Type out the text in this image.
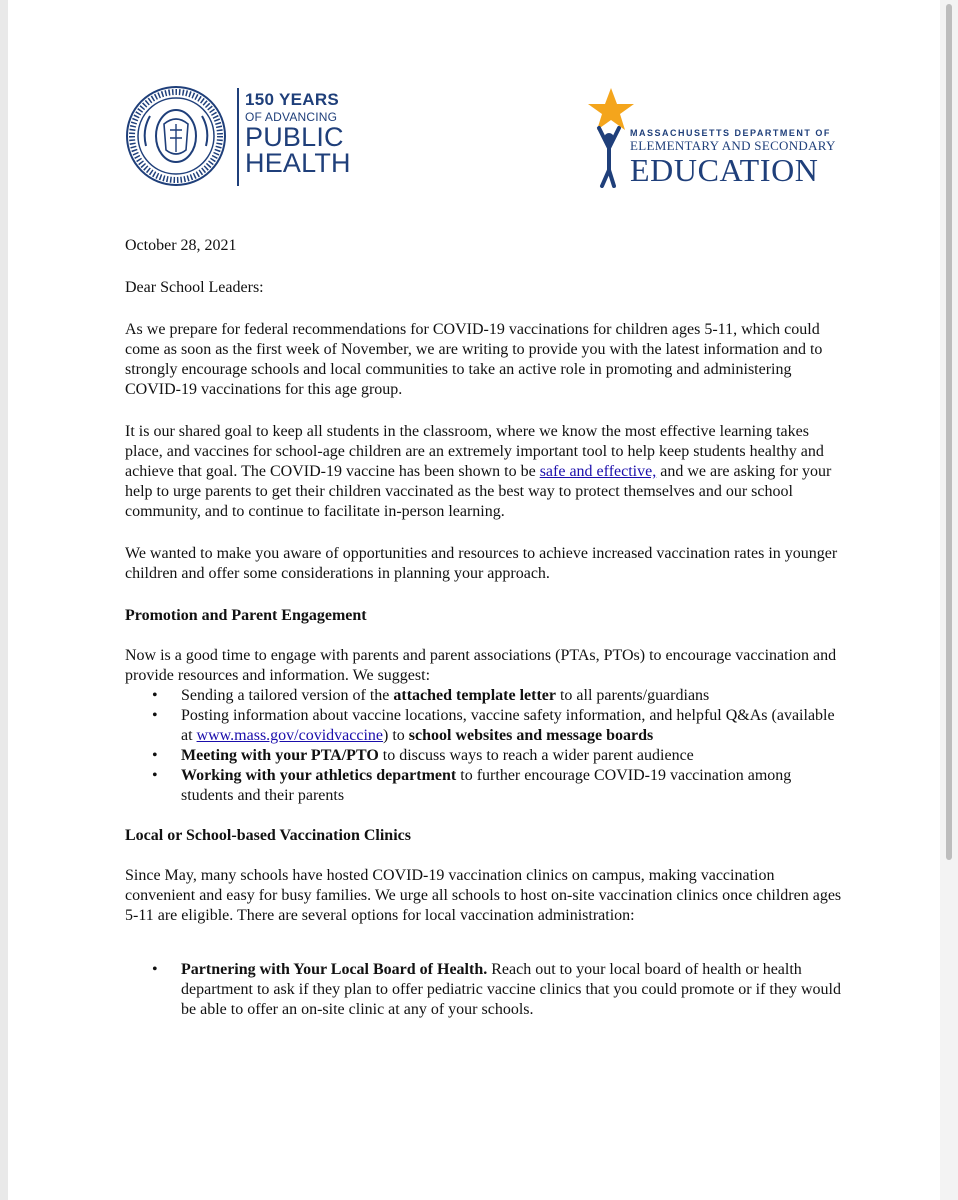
150 YEARS
OF ADVANCING
PUBLIC
HEALTH
MASSACHUSETTS DEPARTMENT OF
ELEMENTARY AND SECONDARY
EDUCATION

October 28, 2021

Dear School Leaders:

As we prepare for federal recommendations for COVID-19 vaccinations for children ages 5-11, which could come as soon as the first week of November, we are writing to provide you with the latest information and to strongly encourage schools and local communities to take an active role in promoting and administering COVID-19 vaccinations for this age group.

It is our shared goal to keep all students in the classroom, where we know the most effective learning takes place, and vaccines for school-age children are an extremely important tool to help keep students healthy and achieve that goal. The COVID-19 vaccine has been shown to be safe and effective, and we are asking for your help to urge parents to get their children vaccinated as the best way to protect themselves and our school community, and to continue to facilitate in-person learning.

We wanted to make you aware of opportunities and resources to achieve increased vaccination rates in younger children and offer some considerations in planning your approach.

Promotion and Parent Engagement

Now is a good time to engage with parents and parent associations (PTAs, PTOs) to encourage vaccination and provide resources and information. We suggest:

• Sending a tailored version of the attached template letter to all parents/guardians
• Posting information about vaccine locations, vaccine safety information, and helpful Q&As (available at www.mass.gov/covidvaccine) to school websites and message boards
• Meeting with your PTA/PTO to discuss ways to reach a wider parent audience
• Working with your athletics department to further encourage COVID-19 vaccination among students and their parents

Local or School-based Vaccination Clinics

Since May, many schools have hosted COVID-19 vaccination clinics on campus, making vaccination convenient and easy for busy families. We urge all schools to host on-site vaccination clinics once children ages 5-11 are eligible. There are several options for local vaccination administration:

• Partnering with Your Local Board of Health. Reach out to your local board of health or health department to ask if they plan to offer pediatric vaccine clinics that you could promote or if they would be able to offer an on-site clinic at any of your schools.
